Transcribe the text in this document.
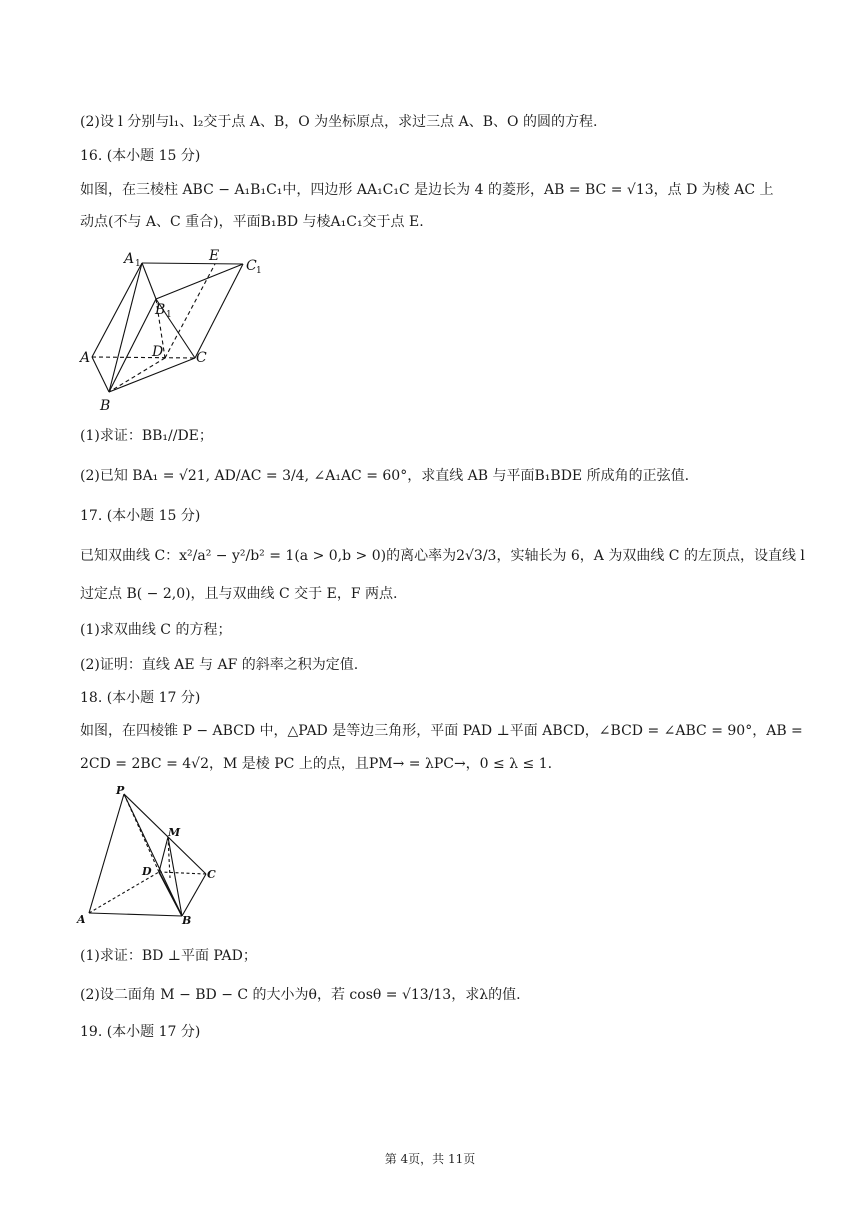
(2)设 l 分别与l₁、l₂交于点 A、B，O 为坐标原点，求过三点 A、B、O 的圆的方程.
16. (本小题 15 分)
如图，在三棱柱 ABC − A₁B₁C₁中，四边形 AA₁C₁C 是边长为 4 的菱形，AB = BC = √13，点 D 为棱 AC 上
动点(不与 A、C 重合)，平面B₁BD 与棱A₁C₁交于点 E.
A 1	E
C 1
B 1
A	D C
B
(1)求证：BB₁//DE；
(2)已知 BA₁ = √21, AD/AC = 3/4, ∠A₁AC = 60°，求直线 AB 与平面B₁BDE 所成角的正弦值.
17. (本小题 15 分)
已知双曲线 C：x²/a² − y²/b² = 1(a > 0,b > 0)的离心率为2√3/3，实轴长为 6，A 为双曲线 C 的左顶点，设直线 l
过定点 B( − 2,0)，且与双曲线 C 交于 E，F 两点.
(1)求双曲线 C 的方程；
(2)证明：直线 AE 与 AF 的斜率之积为定值.
18. (本小题 17 分)
如图，在四棱锥 P − ABCD 中，△PAD 是等边三角形，平面 PAD ⊥平面 ABCD，∠BCD = ∠ABC = 90°，AB =
2CD = 2BC = 4√2，M 是棱 PC 上的点，且PM→ = λPC→，0 ≤ λ ≤ 1.
P
M
D	C
A	B
(1)求证：BD ⊥平面 PAD；
(2)设二面角 M − BD − C 的大小为θ，若 cosθ = √13/13，求λ的值.
19. (本小题 17 分)
第 4页，共 11页
